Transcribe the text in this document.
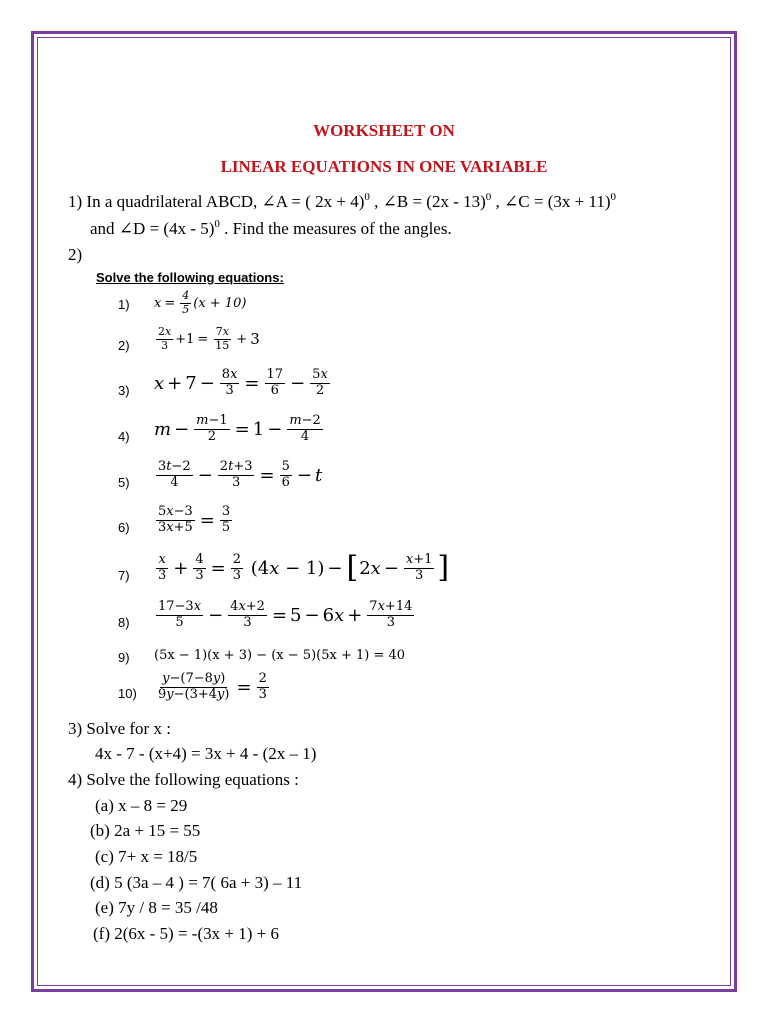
WORKSHEET ON
LINEAR EQUATIONS IN ONE VARIABLE
1) In a quadrilateral ABCD, ∠A = ( 2x + 4)$^0$ , ∠B = (2x - 13)$^0$ , ∠C = $(3x + 11)^0$
and ∠D = (4x - 5)$^0$ . Find the measures of the angles.
2)
Solve the following equations:
1) $x = \frac{4}{5} (x + 10)$
$2) \frac{2x}{3} +1 = \frac{7x}{15} + 3$
3) $x + 7 - \frac{8x}{3} = \frac{17}{6} - \frac{5x}{2}$
4) $m - \frac{m-1}{2} = 1 - \frac{m-2}{4}$
$5) \frac{3t-2}{4} - \frac{2t+3}{3} = \frac{5}{6} - t$
$6) \frac{5x-3}{3x+5} = \frac{3}{5}$
$7) \frac{x}{3} + \frac{4}{3} = \frac{2}{3} (4x - 1)$ − [ $2x - \frac{x+1}{3}$ ]
$8) \frac{17-3x}{5} - \frac{4x+2}{3} = 5 - 6x + \frac{7x+14}{3}$
9) (5x − 1)(x + 3) − (x − 5)(5x + 1) = 40
$10) \frac{y-(7-8y)}{9y-(3+4y)} = \frac{2}{3}$
3) Solve for x :
4x - 7 - (x+4) = 3x + 4 - (2x – 1)
4) Solve the following equations :
(a) x – 8 = 29
(b) 2a + 15 = 55
(c) 7+ x = 18/5
(d) 5 (3a – 4 ) = 7( 6a + 3) – 11
(e) 7y / 8 = 35 /48
(f) 2(6x - 5) = -(3x + 1) + 6
